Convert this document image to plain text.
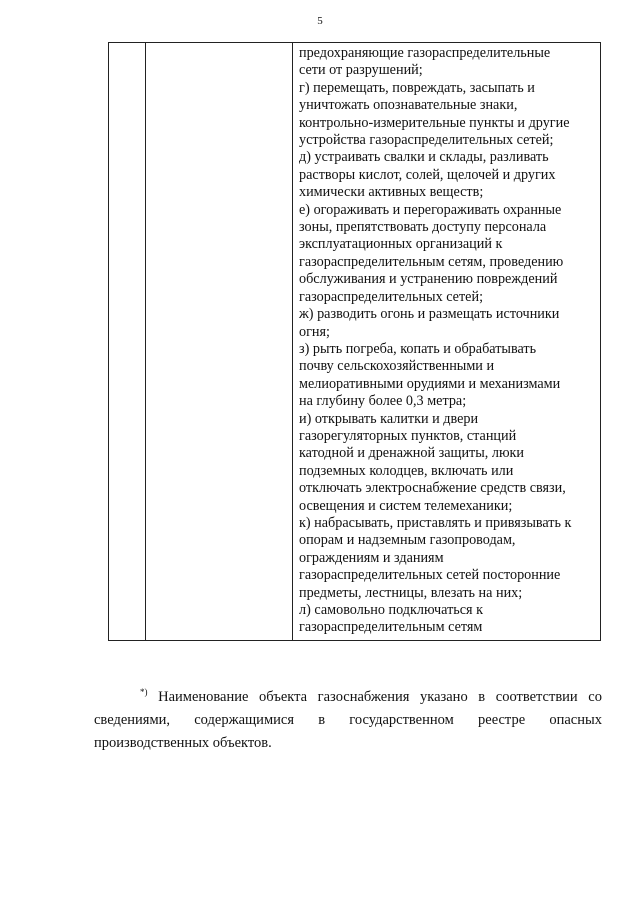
5

предохраняющие газораспределительные
сети от разрушений;
г) перемещать, повреждать, засыпать и
уничтожать опознавательные знаки,
контрольно-измерительные пункты и другие
устройства газораспределительных сетей;
д) устраивать свалки и склады, разливать
растворы кислот, солей, щелочей и других
химически активных веществ;
е) огораживать и перегораживать охранные
зоны, препятствовать доступу персонала
эксплуатационных организаций к
газораспределительным сетям, проведению
обслуживания и устранению повреждений
газораспределительных сетей;
ж) разводить огонь и размещать источники
огня;
з) рыть погреба, копать и обрабатывать
почву сельскохозяйственными и
мелиоративными орудиями и механизмами
на глубину более 0,3 метра;
и) открывать калитки и двери
газорегуляторных пунктов, станций
катодной и дренажной защиты, люки
подземных колодцев, включать или
отключать электроснабжение средств связи,
освещения и систем телемеханики;
к) набрасывать, приставлять и привязывать к
опорам и надземным газопроводам,
ограждениям и зданиям
газораспределительных сетей посторонние
предметы, лестницы, влезать на них;
л) самовольно подключаться к
газораспределительным сетям
*) Наименование объекта газоснабжения указано в соответствии со
сведениями, содержащимися в государственном реестре опасных
производственных объектов.
